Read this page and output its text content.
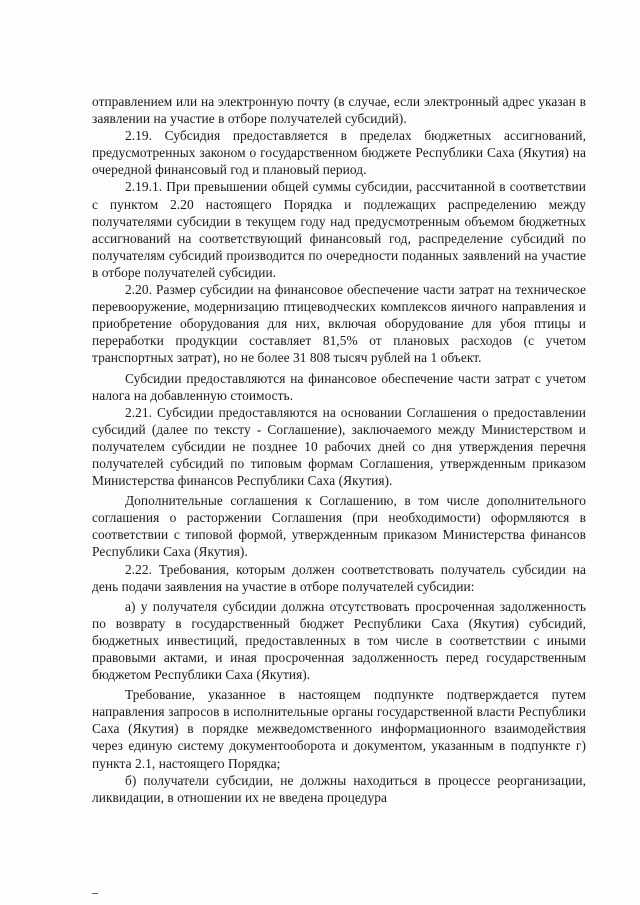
отправлением или на электронную почту (в случае, если электронный адрес указан в заявлении на участие в отборе получателей субсидий).

2.19. Субсидия предоставляется в пределах бюджетных ассигнований, предусмотренных законом о государственном бюджете Республики Саха (Якутия) на очередной финансовый год и плановый период.

2.19.1. При превышении общей суммы субсидии, рассчитанной в соответствии с пунктом 2.20 настоящего Порядка и подлежащих распределению между получателями субсидии в текущем году над предусмотренным объемом бюджетных ассигнований на соответствующий финансовый год, распределение субсидий по получателям субсидий производится по очередности поданных заявлений на участие в отборе получателей субсидии.

2.20. Размер субсидии на финансовое обеспечение части затрат на техническое перевооружение, модернизацию птицеводческих комплексов яичного направления и приобретение оборудования для них, включая оборудование для убоя птицы и переработки продукции составляет 81,5% от плановых расходов (с учетом транспортных затрат), но не более 31 808 тысяч рублей на 1 объект.

Субсидии предоставляются на финансовое обеспечение части затрат с учетом налога на добавленную стоимость.

2.21. Субсидии предоставляются на основании Соглашения о предоставлении субсидий (далее по тексту - Соглашение), заключаемого между Министерством и получателем субсидии не позднее 10 рабочих дней со дня утверждения перечня получателей субсидий по типовым формам Соглашения, утвержденным приказом Министерства финансов Республики Саха (Якутия).

Дополнительные соглашения к Соглашению, в том числе дополнительного соглашения о расторжении Соглашения (при необходимости) оформляются в соответствии с типовой формой, утвержденным приказом Министерства финансов Республики Саха (Якутия).

2.22. Требования, которым должен соответствовать получатель субсидии на день подачи заявления на участие в отборе получателей субсидии:

а) у получателя субсидии должна отсутствовать просроченная задолженность по возврату в государственный бюджет Республики Саха (Якутия) субсидий, бюджетных инвестиций, предоставленных в том числе в соответствии с иными правовыми актами, и иная просроченная задолженность перед государственным бюджетом Республики Саха (Якутия).

Требование, указанное в настоящем подпункте подтверждается путем направления запросов в исполнительные органы государственной власти Республики Саха (Якутия) в порядке межведомственного информационного взаимодействия через единую систему документооборота и документом, указанным в подпункте г) пункта 2.1, настоящего Порядка;

б) получатели субсидии, не должны находиться в процессе реорганизации, ликвидации, в отношении их не введена процедура
